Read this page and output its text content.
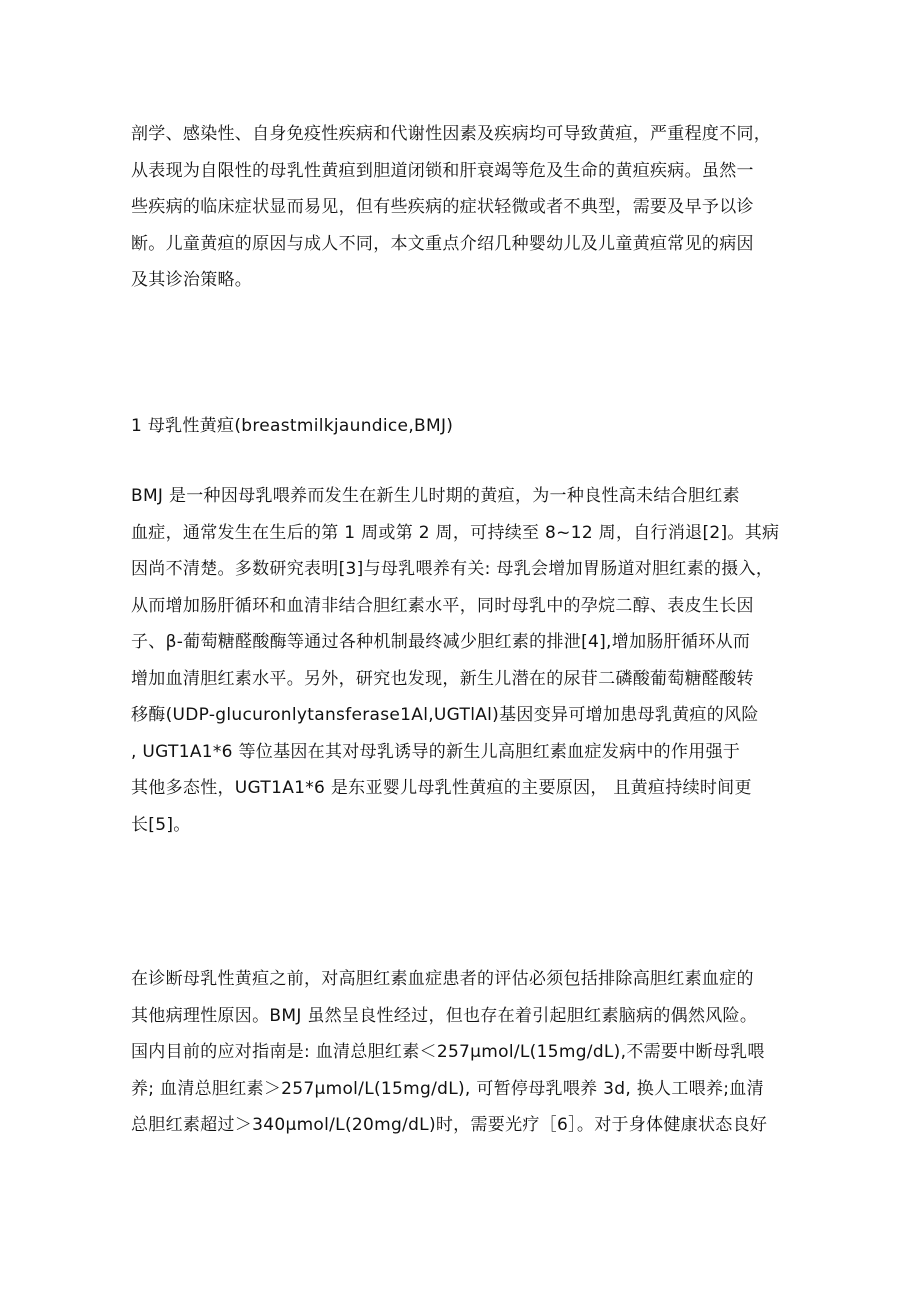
剖学、感染性、自身免疫性疾病和代谢性因素及疾病均可导致黄疸，严重程度不同，
从表现为自限性的母乳性黄疸到胆道闭锁和肝衰竭等危及生命的黄疸疾病。虽然一
些疾病的临床症状显而易见，但有些疾病的症状轻微或者不典型，需要及早予以诊
断。儿童黄疸的原因与成人不同，本文重点介绍几种婴幼儿及儿童黄疸常见的病因
及其诊治策略。
1 母乳性黄疸(breastmilkjaundice,BMJ)
BMJ 是一种因母乳喂养而发生在新生儿时期的黄疸，为一种良性高未结合胆红素
血症，通常发生在生后的第 1 周或第 2 周，可持续至 8~12 周，自行消退[2]。其病
因尚不清楚。多数研究表明[3]与母乳喂养有关: 母乳会增加胃肠道对胆红素的摄入，
从而增加肠肝循环和血清非结合胆红素水平，同时母乳中的孕烷二醇、表皮生长因
子、β-葡萄糖醛酸酶等通过各种机制最终减少胆红素的排泄[4],增加肠肝循环从而
增加血清胆红素水平。另外，研究也发现，新生儿潜在的尿苷二磷酸葡萄糖醛酸转
移酶(UDP-glucuronlytansferase1Al,UGTlAl)基因变异可增加患母乳黄疸的风险
, UGT1A1*6 等位基因在其对母乳诱导的新生儿高胆红素血症发病中的作用强于
其他多态性，UGT1A1*6 是东亚婴儿母乳性黄疸的主要原因， 且黄疸持续时间更
长[5]。
在诊断母乳性黄疸之前，对高胆红素血症患者的评估必须包括排除高胆红素血症的
其他病理性原因。BMJ 虽然呈良性经过，但也存在着引起胆红素脑病的偶然风险。
国内目前的应对指南是: 血清总胆红素＜257μmol/L(15mg/dL),不需要中断母乳喂
养; 血清总胆红素＞257μmol/L(15mg/dL), 可暂停母乳喂养 3d, 换人工喂养;血清
总胆红素超过＞340μmol/L(20mg/dL)时，需要光疗［6］。对于身体健康状态良好
